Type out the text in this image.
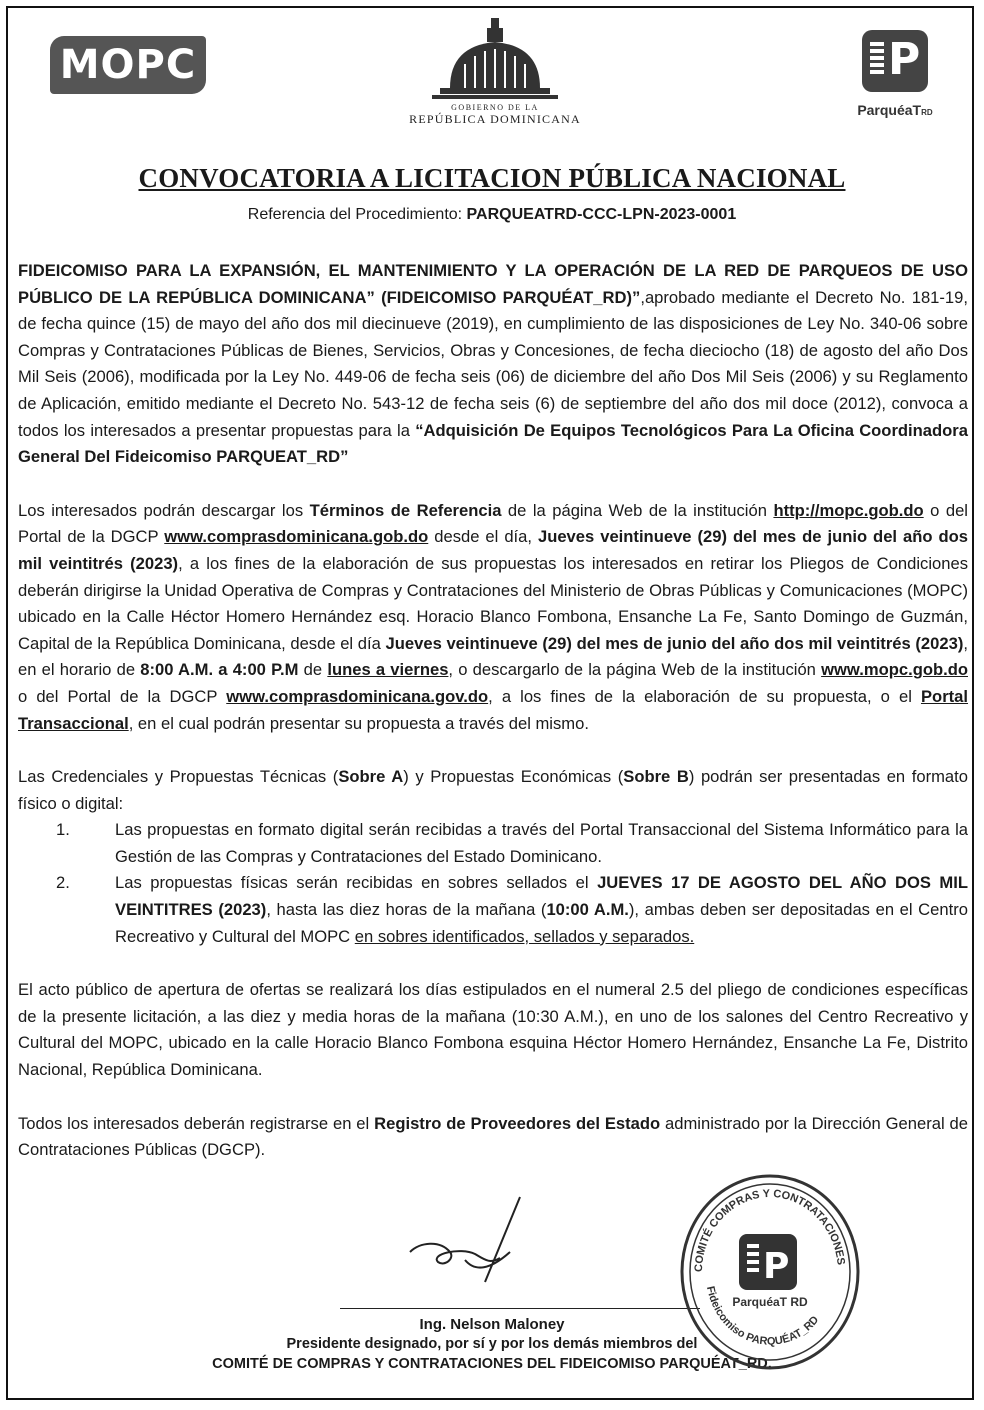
MOPC
GOBIERNO DE LA
REPÚBLICA DOMINICANA
P
ParquéaTRD
CONVOCATORIA A LICITACION PÚBLICA NACIONAL
Referencia del Procedimiento: PARQUEATRD-CCC-LPN-2023-0001

FIDEICOMISO PARA LA EXPANSIÓN, EL MANTENIMIENTO Y LA OPERACIÓN DE LA RED DE PARQUEOS DE USO PÚBLICO DE LA REPÚBLICA DOMINICANA” (FIDEICOMISO PARQUÉAT_RD)”,aprobado mediante el Decreto No. 181-19, de fecha quince (15) de mayo del año dos mil diecinueve (2019), en cumplimiento de las disposiciones de Ley No. 340-06 sobre Compras y Contrataciones Públicas de Bienes, Servicios, Obras y Concesiones, de fecha dieciocho (18) de agosto del año Dos Mil Seis (2006), modificada por la Ley No. 449-06 de fecha seis (06) de diciembre del año Dos Mil Seis (2006) y su Reglamento de Aplicación, emitido mediante el Decreto No. 543-12 de fecha seis (6) de septiembre del año dos mil doce (2012), convoca a todos los interesados a presentar propuestas para la “Adquisición De Equipos Tecnológicos Para La Oficina Coordinadora General Del Fideicomiso PARQUEAT_RD”

Los interesados podrán descargar los Términos de Referencia de la página Web de la institución http://mopc.gob.do o del Portal de la DGCP www.comprasdominicana.gob.do desde el día, Jueves veintinueve (29) del mes de junio del año dos mil veintitrés (2023), a los fines de la elaboración de sus propuestas los interesados en retirar los Pliegos de Condiciones deberán dirigirse la Unidad Operativa de Compras y Contrataciones del Ministerio de Obras Públicas y Comunicaciones (MOPC) ubicado en la Calle Héctor Homero Hernández esq. Horacio Blanco Fombona, Ensanche La Fe, Santo Domingo de Guzmán, Capital de la República Dominicana, desde el día Jueves veintinueve (29) del mes de junio del año dos mil veintitrés (2023), en el horario de 8:00 A.M. a 4:00 P.M de lunes a viernes, o descargarlo de la página Web de la institución www.mopc.gob.do o del Portal de la DGCP www.comprasdominicana.gov.do, a los fines de la elaboración de su propuesta, o el Portal Transaccional, en el cual podrán presentar su propuesta a través del mismo.

Las Credenciales y Propuestas Técnicas (Sobre A) y Propuestas Económicas (Sobre B) podrán ser presentadas en formato físico o digital:
1.	Las propuestas en formato digital serán recibidas a través del Portal Transaccional del Sistema Informático para la Gestión de las Compras y Contrataciones del Estado Dominicano.
2.	Las propuestas físicas serán recibidas en sobres sellados el JUEVES 17 DE AGOSTO DEL AÑO DOS MIL VEINTITRES (2023), hasta las diez horas de la mañana (10:00 A.M.), ambas deben ser depositadas en el Centro Recreativo y Cultural del MOPC en sobres identificados, sellados y separados.

El acto público de apertura de ofertas se realizará los días estipulados en el numeral 2.5 del pliego de condiciones específicas de la presente licitación, a las diez y media horas de la mañana (10:30 A.M.), en uno de los salones del Centro Recreativo y Cultural del MOPC, ubicado en la calle Horacio Blanco Fombona esquina Héctor Homero Hernández, Ensanche La Fe, Distrito Nacional, República Dominicana.

Todos los interesados deberán registrarse en el Registro de Proveedores del Estado administrado por la Dirección General de Contrataciones Públicas (DGCP).

Ing. Nelson Maloney
Presidente designado, por sí y por los demás miembros del
COMITÉ DE COMPRAS Y CONTRATACIONES DEL FIDEICOMISO PARQUÉAT_RD.
COMITÉ COMPRAS Y CONTRATACIONES
Fideicomiso PARQUÉAT_RD
P
ParquéaT RD
